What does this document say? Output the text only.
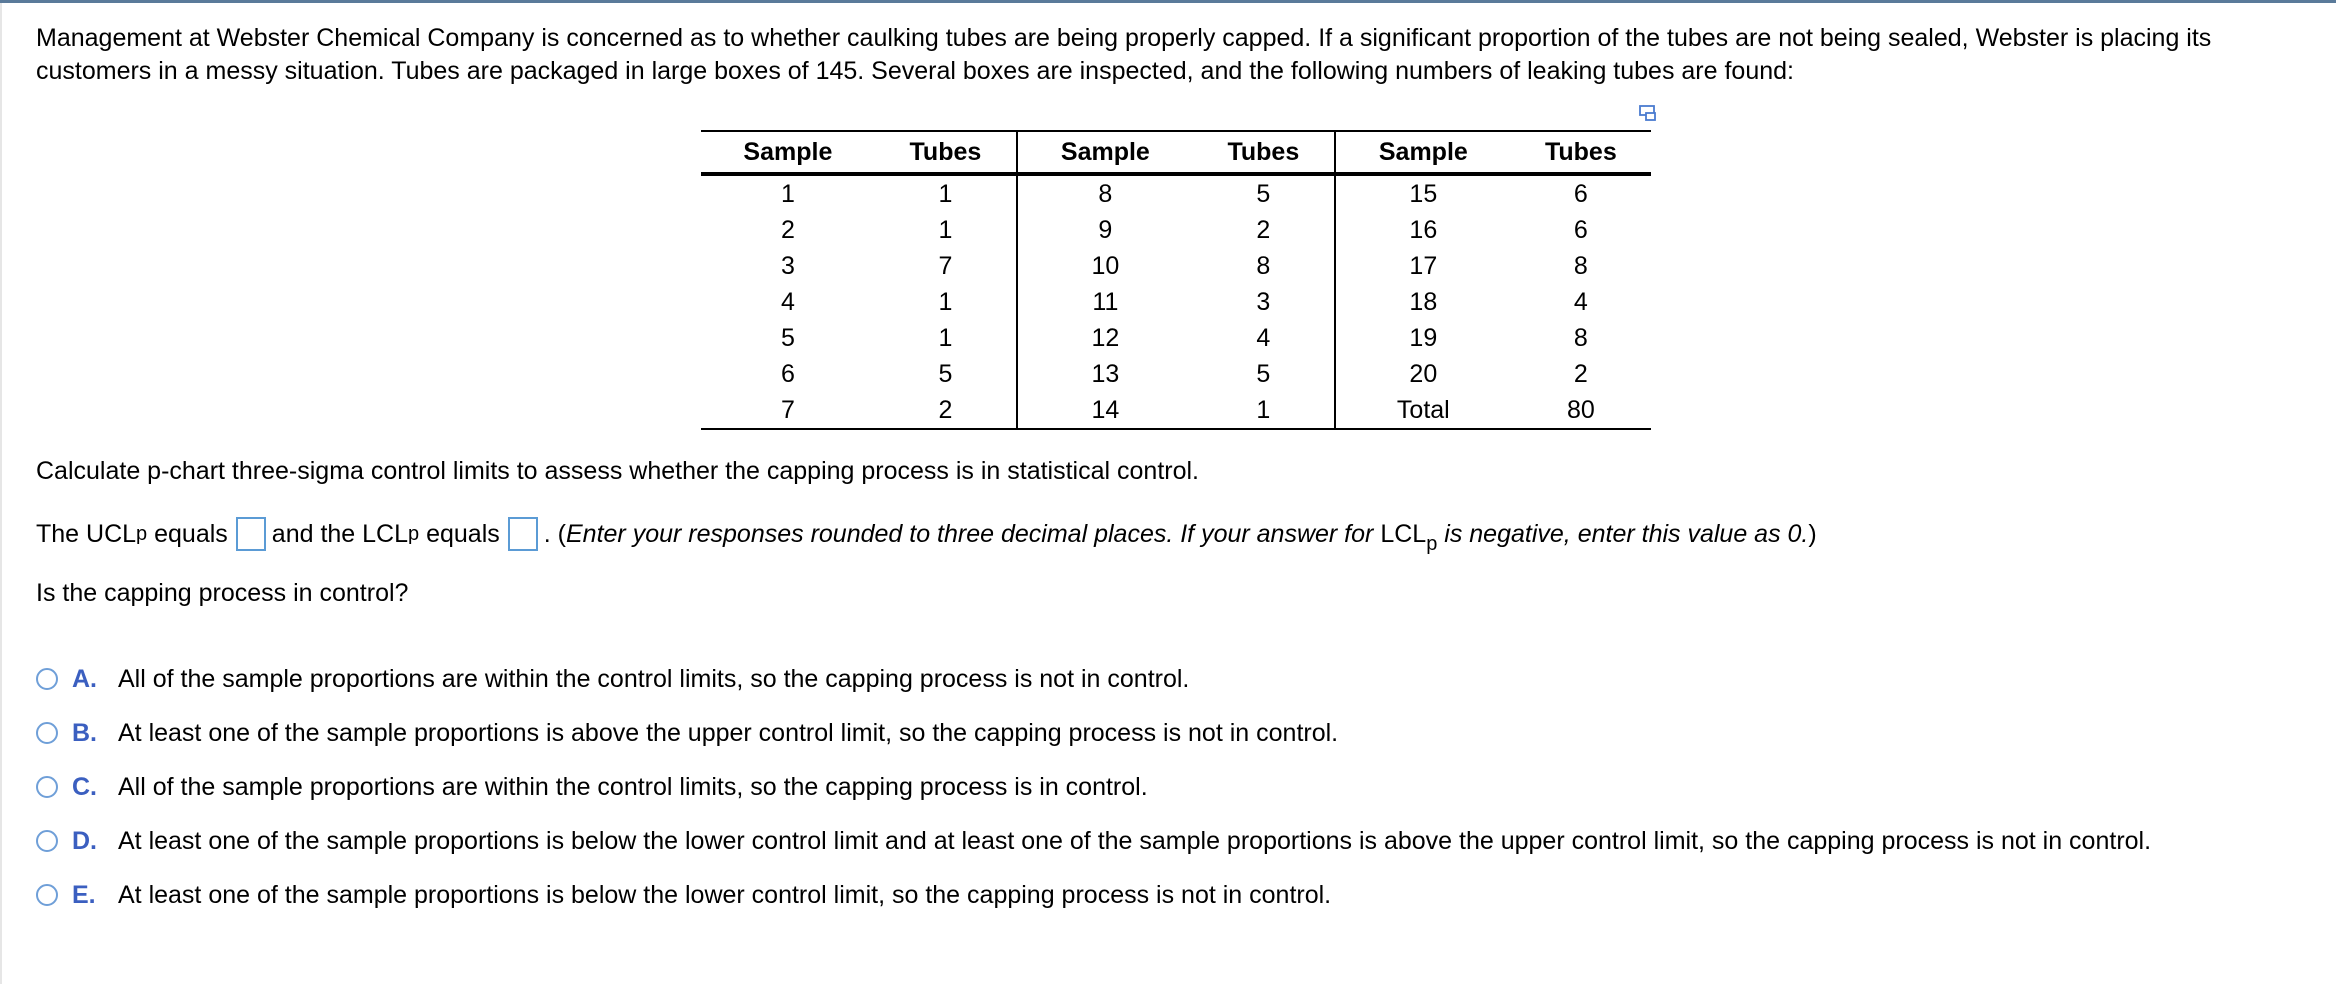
Management at Webster Chemical Company is concerned as to whether caulking tubes are being properly capped. If a significant proportion of the tubes are not being sealed, Webster is placing its customers in a messy situation. Tubes are packaged in large boxes of 145. Several boxes are inspected, and the following numbers of leaking tubes are found:

Sample	Tubes	Sample	Tubes	Sample	Tubes
1	1	8	5	15	6
2	1	9	2	16	6
3	7	10	8	17	8
4	1	11	3	18	4
5	1	12	4	19	8
6	5	13	5	20	2
7	2	14	1	Total	80

Calculate p-chart three-sigma control limits to assess whether the capping process is in statistical control.

The UCL p
equals and the LCL p
equals .
( Enter your responses rounded to three decimal places. If your answer for $LCL_p$ is negative, enter this value as 0. )

Is the capping process in control?

A. All of the sample proportions are within the control limits, so the capping process is not in control.
B. At least one of the sample proportions is above the upper control limit, so the capping process is not in control.
C. All of the sample proportions are within the control limits, so the capping process is in control.
D. At least one of the sample proportions is below the lower control limit and at least one of the sample proportions is above the upper control limit, so the capping process is not in control.
E. At least one of the sample proportions is below the lower control limit, so the capping process is not in control.
